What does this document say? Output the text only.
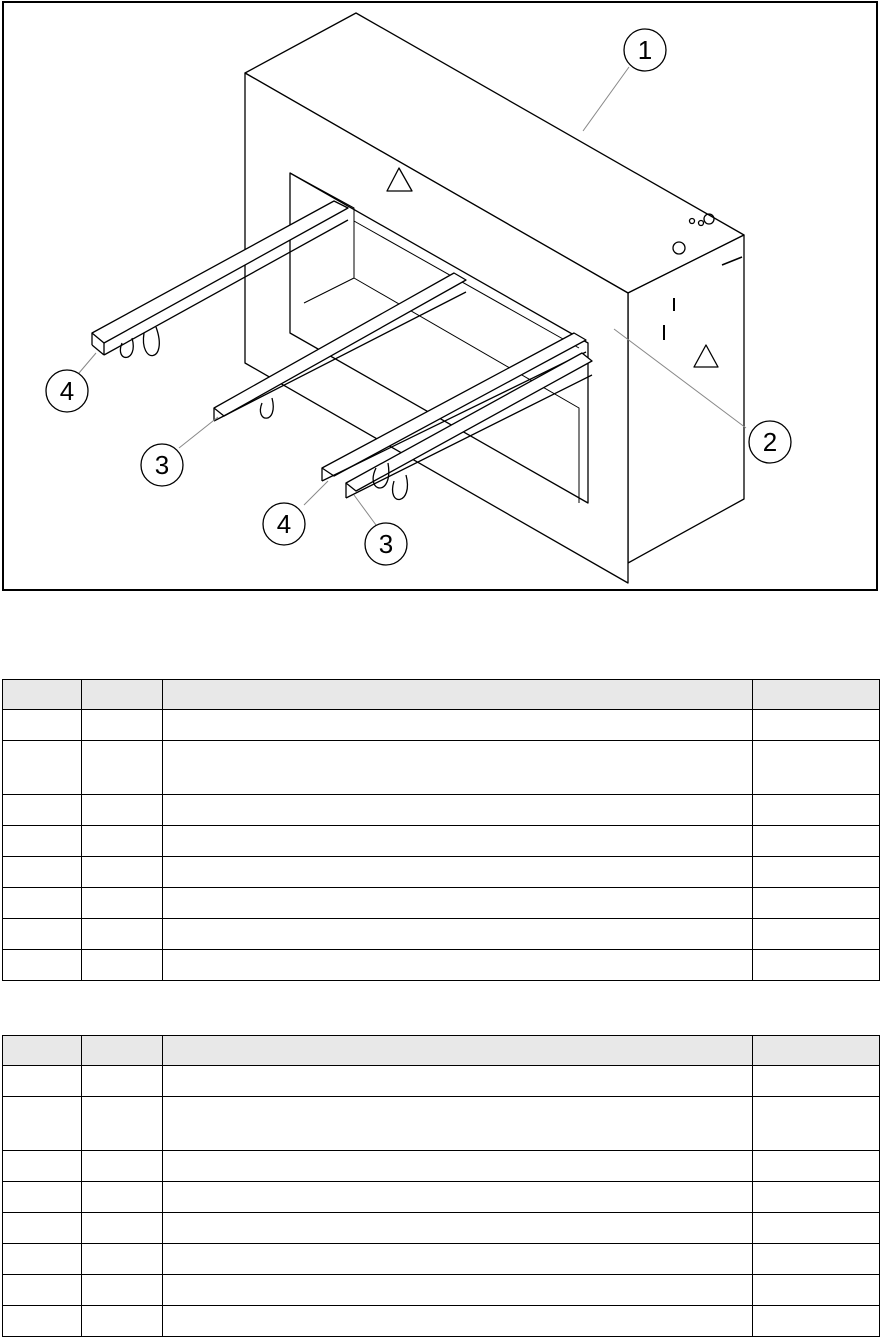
1
2
3
3
4
4
